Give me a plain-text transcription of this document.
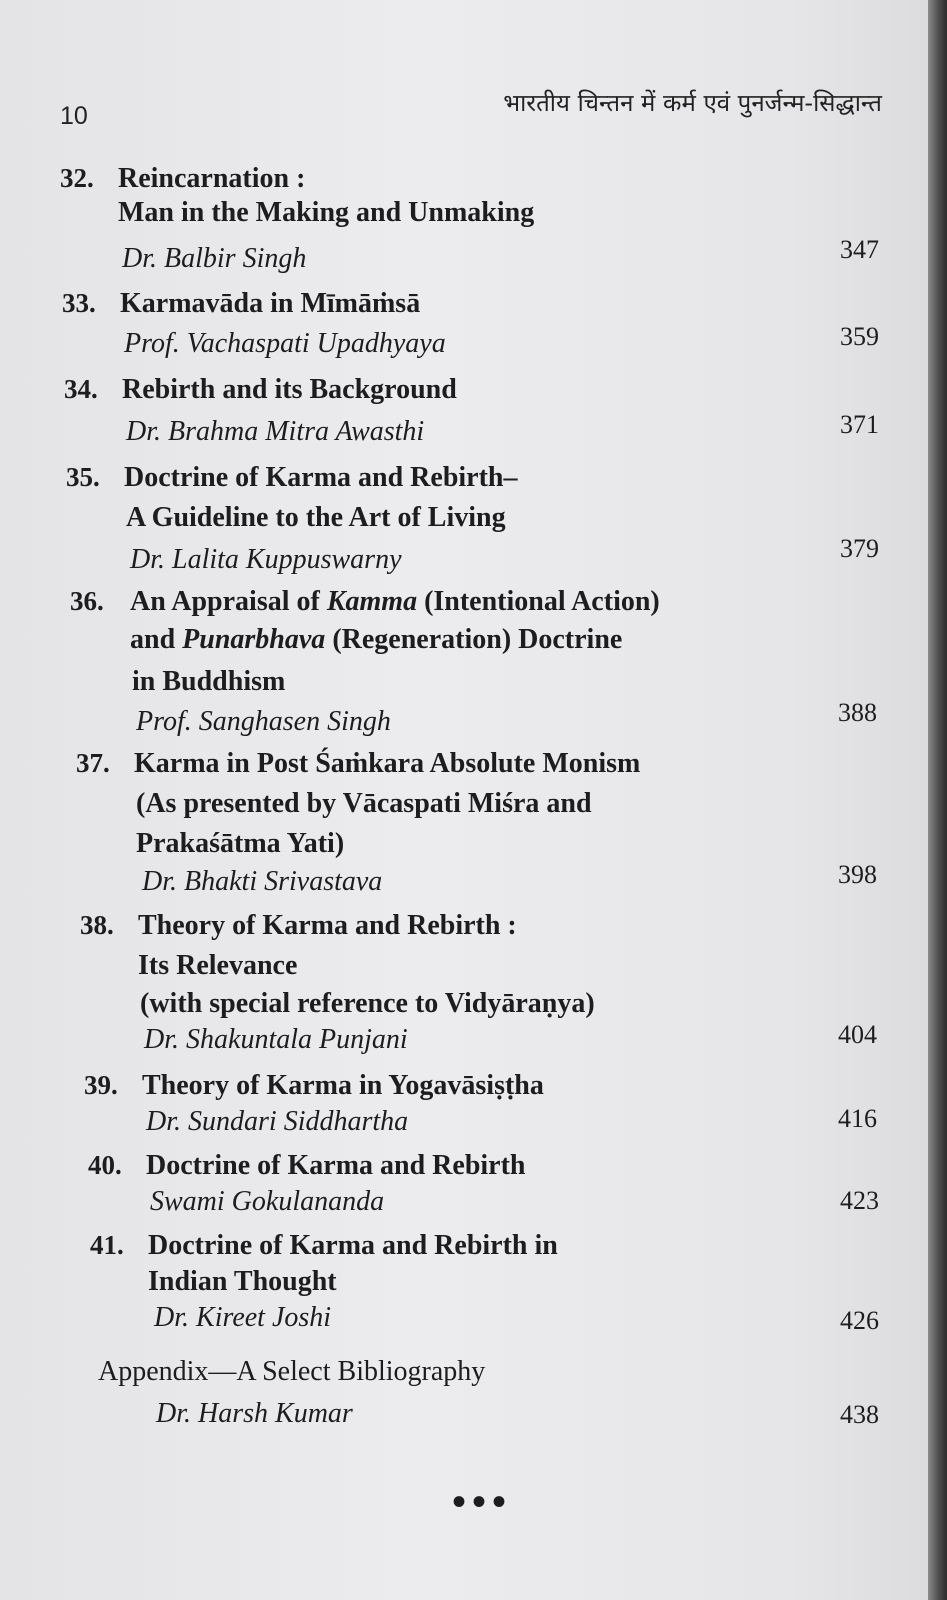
10	भारतीय चिन्तन में कर्म एवं पुनर्जन्म-सिद्धान्त
32. Reincarnation :
Man in the Making and Unmaking
Dr. Balbir Singh	347
33. Karmavāda in Mīmāṁsā
Prof. Vachaspati Upadhyaya	359
34. Rebirth and its Background
Dr. Brahma Mitra Awasthi	371
35. Doctrine of Karma and Rebirth–
A Guideline to the Art of Living
Dr. Lalita Kuppuswarny	379
36. An Appraisal of Kamma (Intentional Action)
and Punarbhava (Regeneration) Doctrine
in Buddhism
Prof. Sanghasen Singh	388
37. Karma in Post Śaṁkara Absolute Monism
(As presented by Vācaspati Miśra and
Prakaśātma Yati)
Dr. Bhakti Srivastava	398
38. Theory of Karma and Rebirth :
Its Relevance
(with special reference to Vidyāraṇya)
Dr. Shakuntala Punjani	404
39. Theory of Karma in Yogavāsiṣṭha
Dr. Sundari Siddhartha	416
40. Doctrine of Karma and Rebirth
Swami Gokulananda	423
41. Doctrine of Karma and Rebirth in
Indian Thought
Dr. Kireet Joshi	426
Appendix—A Select Bibliography
Dr. Harsh Kumar	438
•••
